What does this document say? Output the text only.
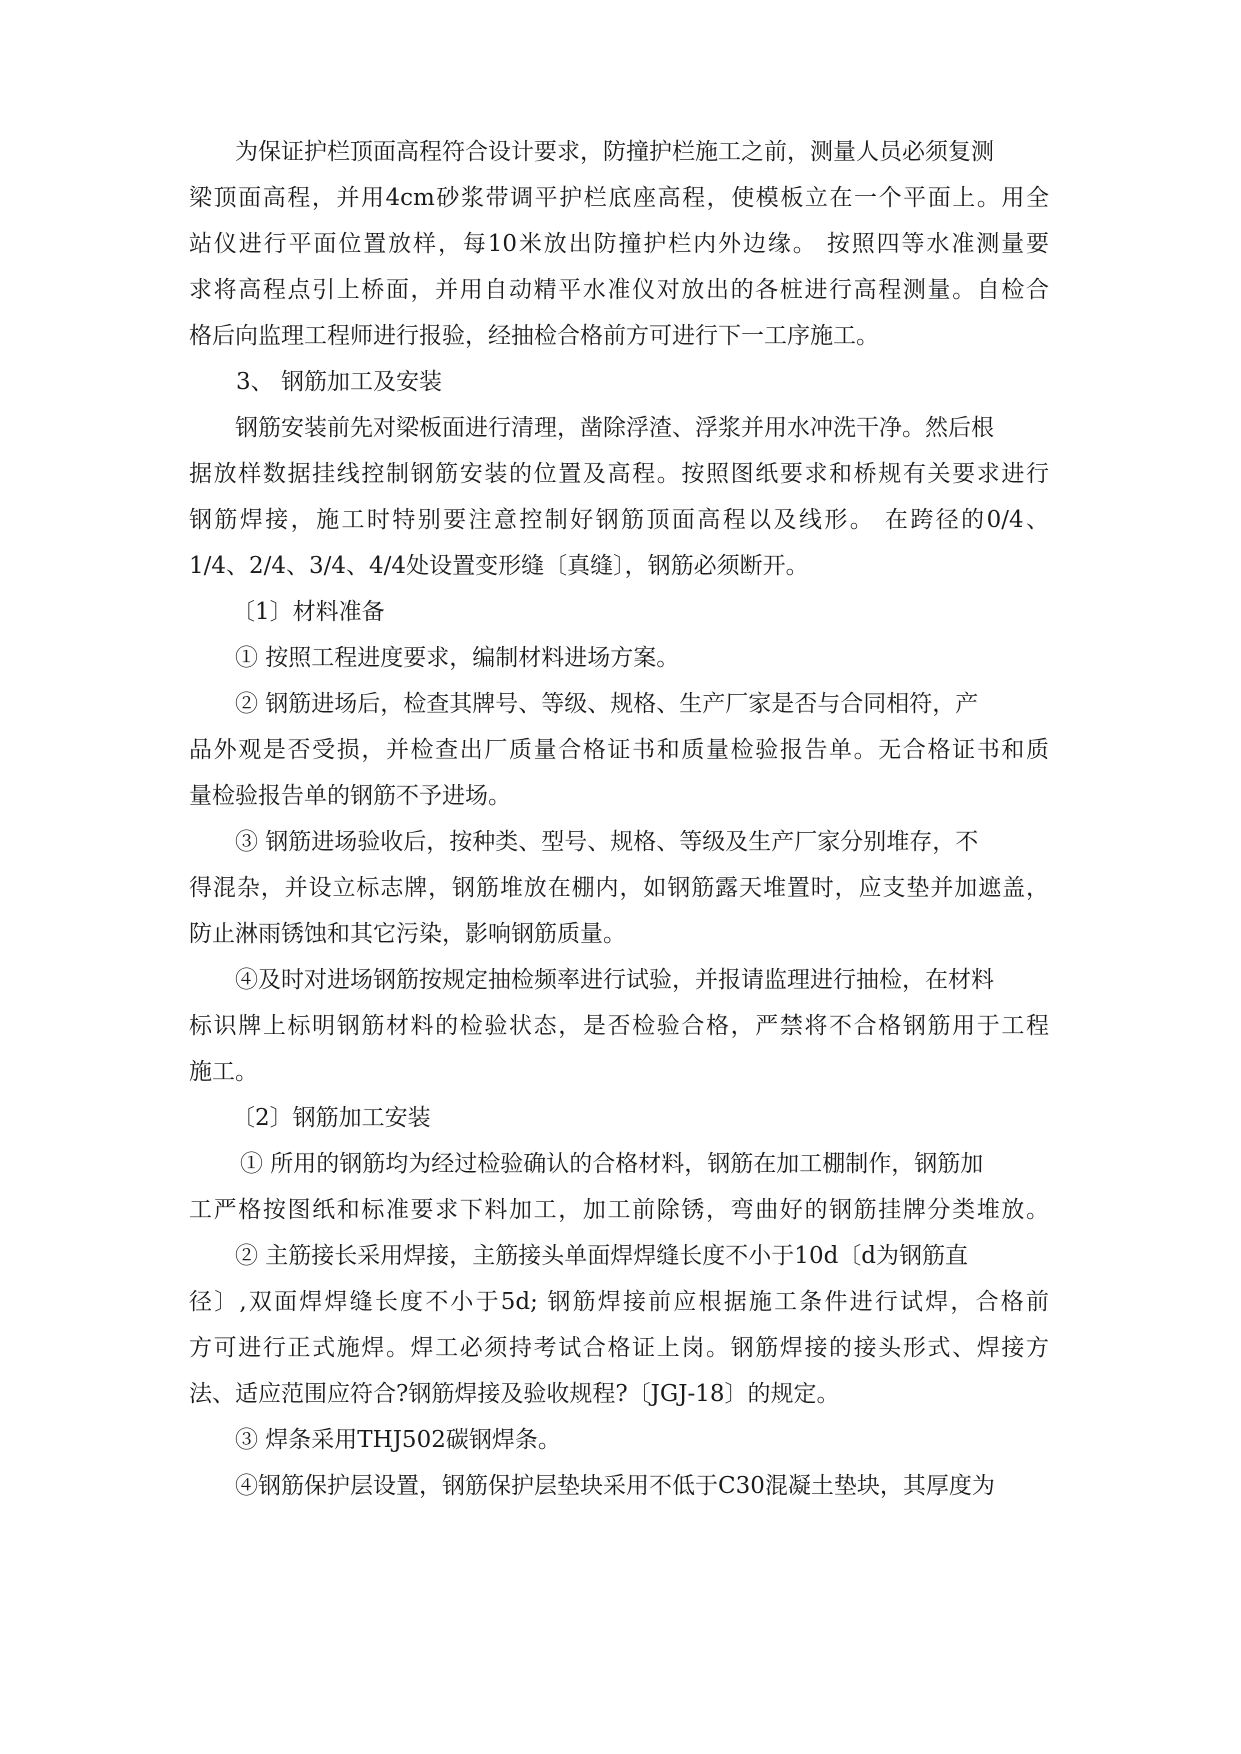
为保证护栏顶面高程符合设计要求，防撞护栏施工之前，测量人员必须复测
梁顶面高程，并用4cm砂浆带调平护栏底座高程，使模板立在一个平面上。用全
站仪进行平面位置放样，每10米放出防撞护栏内外边缘。 按照四等水准测量要
求将高程点引上桥面，并用自动精平水准仪对放出的各桩进行高程测量。自检合
格后向监理工程师进行报验，经抽检合格前方可进行下一工序施工。
3、 钢筋加工及安装
钢筋安装前先对梁板面进行清理，凿除浮渣、浮浆并用水冲洗干净。然后根
据放样数据挂线控制钢筋安装的位置及高程。按照图纸要求和桥规有关要求进行
钢筋焊接，施工时特别要注意控制好钢筋顶面高程以及线形。 在跨径的0/4、
1/4、2/4、3/4、4/4处设置变形缝〔真缝〕，钢筋必须断开。
〔1〕材料准备
① 按照工程进度要求，编制材料进场方案。
② 钢筋进场后，检查其牌号、等级、规格、生产厂家是否与合同相符，产
品外观是否受损，并检查出厂质量合格证书和质量检验报告单。无合格证书和质
量检验报告单的钢筋不予进场。
③ 钢筋进场验收后，按种类、型号、规格、等级及生产厂家分别堆存，不
得混杂，并设立标志牌，钢筋堆放在棚内，如钢筋露天堆置时，应支垫并加遮盖，
防止淋雨锈蚀和其它污染，影响钢筋质量。
④及时对进场钢筋按规定抽检频率进行试验，并报请监理进行抽检，在材料
标识牌上标明钢筋材料的检验状态，是否检验合格，严禁将不合格钢筋用于工程
施工。
〔2〕钢筋加工安装
① 所用的钢筋均为经过检验确认的合格材料，钢筋在加工棚制作，钢筋加
工严格按图纸和标准要求下料加工，加工前除锈，弯曲好的钢筋挂牌分类堆放。
② 主筋接长采用焊接，主筋接头单面焊焊缝长度不小于10d〔d为钢筋直
径〕,双面焊焊缝长度不小于5d; 钢筋焊接前应根据施工条件进行试焊，合格前
方可进行正式施焊。焊工必须持考试合格证上岗。钢筋焊接的接头形式、焊接方
法、适应范围应符合?钢筋焊接及验收规程?〔JGJ-18〕的规定。
③ 焊条采用THJ502碳钢焊条。
④钢筋保护层设置，钢筋保护层垫块采用不低于C30混凝土垫块，其厚度为
